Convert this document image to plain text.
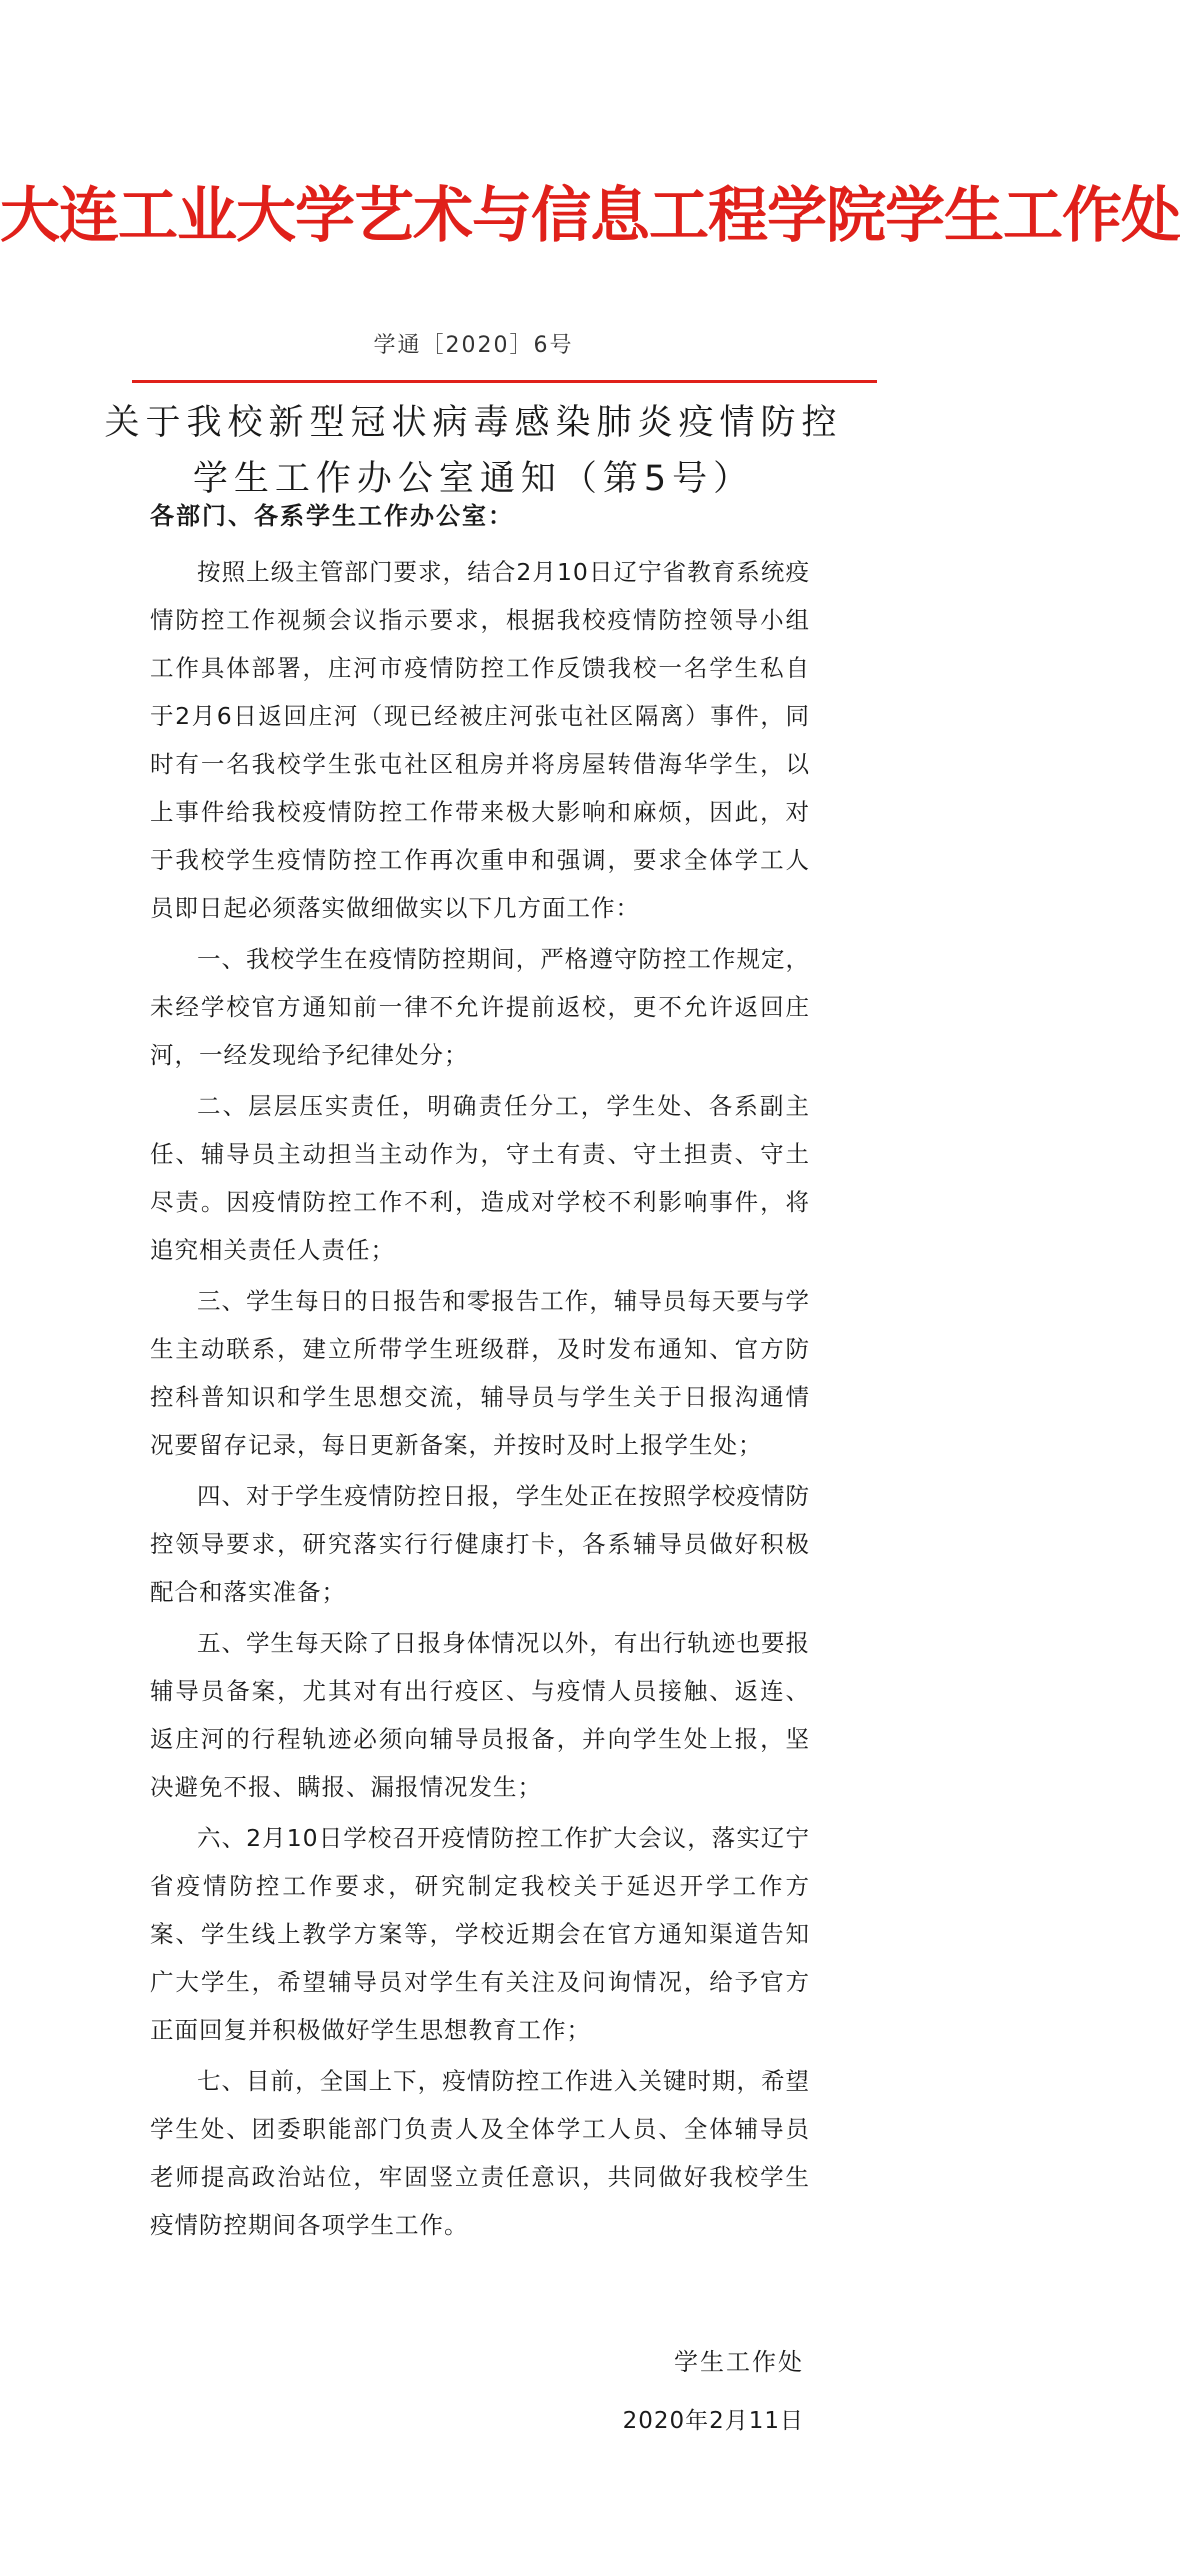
大连工业大学艺术与信息工程学院学生工作处
学通［2020］6号
关于我校新型冠状病毒感染肺炎疫情防控
学生工作办公室通知（第5号）
各部门、各系学生工作办公室：

按照上级主管部门要求，结合2月10日辽宁省教育系统疫情防控工作视频会议指示要求，根据我校疫情防控领导小组工作具体部署，庄河市疫情防控工作反馈我校一名学生私自于2月6日返回庄河（现已经被庄河张屯社区隔离）事件，同时有一名我校学生张屯社区租房并将房屋转借海华学生，以上事件给我校疫情防控工作带来极大影响和麻烦，因此，对于我校学生疫情防控工作再次重申和强调，要求全体学工人员即日起必须落实做细做实以下几方面工作：

一、我校学生在疫情防控期间，严格遵守防控工作规定，未经学校官方通知前一律不允许提前返校，更不允许返回庄河，一经发现给予纪律处分；

二、层层压实责任，明确责任分工，学生处、各系副主任、辅导员主动担当主动作为，守土有责、守土担责、守土尽责。因疫情防控工作不利，造成对学校不利影响事件，将追究相关责任人责任；

三、学生每日的日报告和零报告工作，辅导员每天要与学生主动联系，建立所带学生班级群，及时发布通知、官方防控科普知识和学生思想交流，辅导员与学生关于日报沟通情况要留存记录，每日更新备案，并按时及时上报学生处；

四、对于学生疫情防控日报，学生处正在按照学校疫情防控领导要求，研究落实行行健康打卡，各系辅导员做好积极配合和落实准备；

五、学生每天除了日报身体情况以外，有出行轨迹也要报辅导员备案，尤其对有出行疫区、与疫情人员接触、返连、返庄河的行程轨迹必须向辅导员报备，并向学生处上报，坚决避免不报、瞒报、漏报情况发生；

六、2月10日学校召开疫情防控工作扩大会议，落实辽宁省疫情防控工作要求，研究制定我校关于延迟开学工作方案、学生线上教学方案等，学校近期会在官方通知渠道告知广大学生，希望辅导员对学生有关注及问询情况，给予官方正面回复并积极做好学生思想教育工作；

七、目前，全国上下，疫情防控工作进入关键时期，希望学生处、团委职能部门负责人及全体学工人员、全体辅导员老师提高政治站位，牢固竖立责任意识，共同做好我校学生疫情防控期间各项学生工作。

学生工作处
2020年2月11日
